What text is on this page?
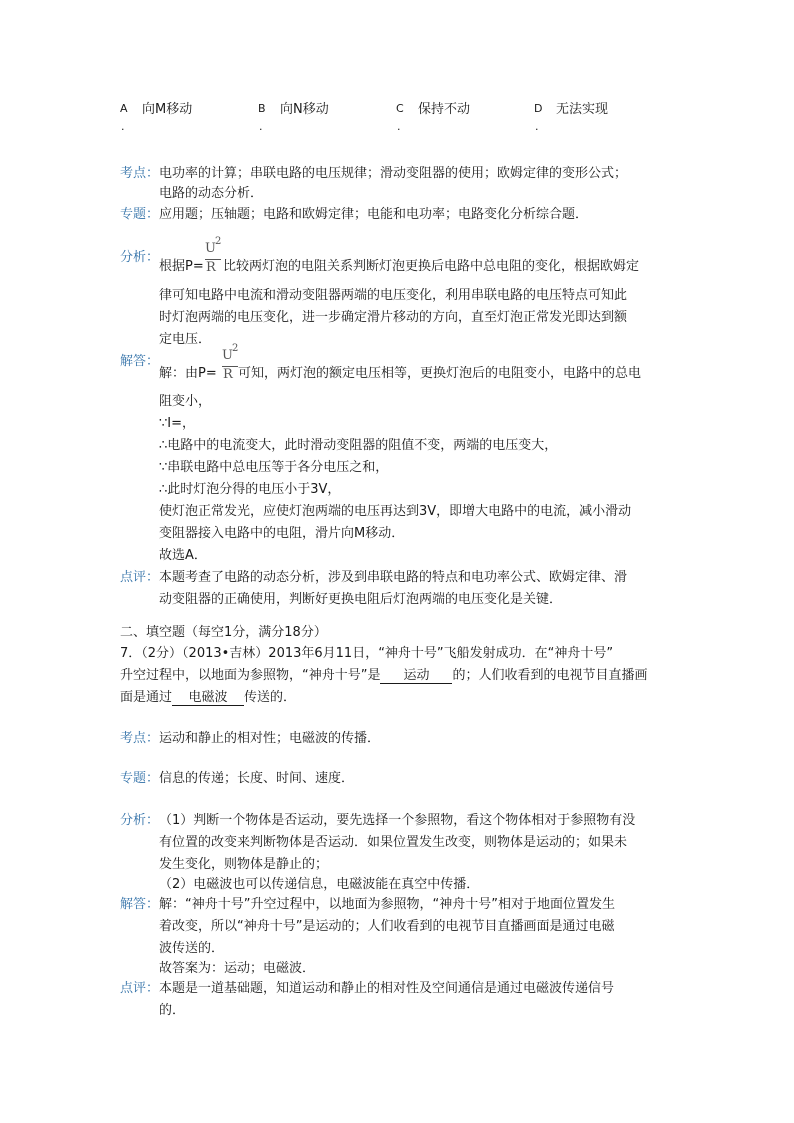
A
.
向M移动	B
.
向N移动	C
.
保持不动	D
.
无法实现
考点： 电功率的计算；串联电路的电压规律；滑动变阻器的使用；欧姆定律的变形公式；
电路的动态分析．
专题： 应用题；压轴题；电路和欧姆定律；电能和电功率；电路变化分析综合题．
分析：
根据P=
U 2
R 比较两灯泡的电阻关系判断灯泡更换后电路中总电阻的变化，根据欧姆定
律可知电路中电流和滑动变阻器两端的电压变化，利用串联电路的电压特点可知此
时灯泡两端的电压变化，进一步确定滑片移动的方向，直至灯泡正常发光即达到额
定电压．
解答：
解：由P=
U 2
R 可知，两灯泡的额定电压相等，更换灯泡后的电阻变小，电路中的总电
阻变小，
∵I=，
∴电路中的电流变大，此时滑动变阻器的阻值不变，两端的电压变大，
∵串联电路中总电压等于各分电压之和，
∴此时灯泡分得的电压小于3V，
使灯泡正常发光，应使灯泡两端的电压再达到3V，即增大电路中的电流，减小滑动
变阻器接入电路中的电阻，滑片向M移动．
故选A．
点评： 本题考查了电路的动态分析，涉及到串联电路的特点和电功率公式、欧姆定律、滑
动变阻器的正确使用，判断好更换电阻后灯泡两端的电压变化是关键．
二、填空题（每空1分，满分18分）
7．（2分）（2013•吉林）2013年6月11日，“神舟十号”飞船发射成功．在“神舟十号”
升空过程中，以地面为参照物，“神舟十号”是 运动 的；人们收看到的电视节目直播画
面是通过 电磁波 传送的．
考点： 运动和静止的相对性；电磁波的传播．
专题： 信息的传递；长度、时间、速度．
分析： （1）判断一个物体是否运动，要先选择一个参照物，看这个物体相对于参照物有没
有位置的改变来判断物体是否运动．如果位置发生改变，则物体是运动的；如果未
发生变化，则物体是静止的；
（2）电磁波也可以传递信息，电磁波能在真空中传播．
解答： 解：“神舟十号”升空过程中，以地面为参照物，“神舟十号”相对于地面位置发生
着改变，所以“神舟十号”是运动的；人们收看到的电视节目直播画面是通过电磁
波传送的．
故答案为：运动；电磁波．
点评： 本题是一道基础题，知道运动和静止的相对性及空间通信是通过电磁波传递信号
的．
